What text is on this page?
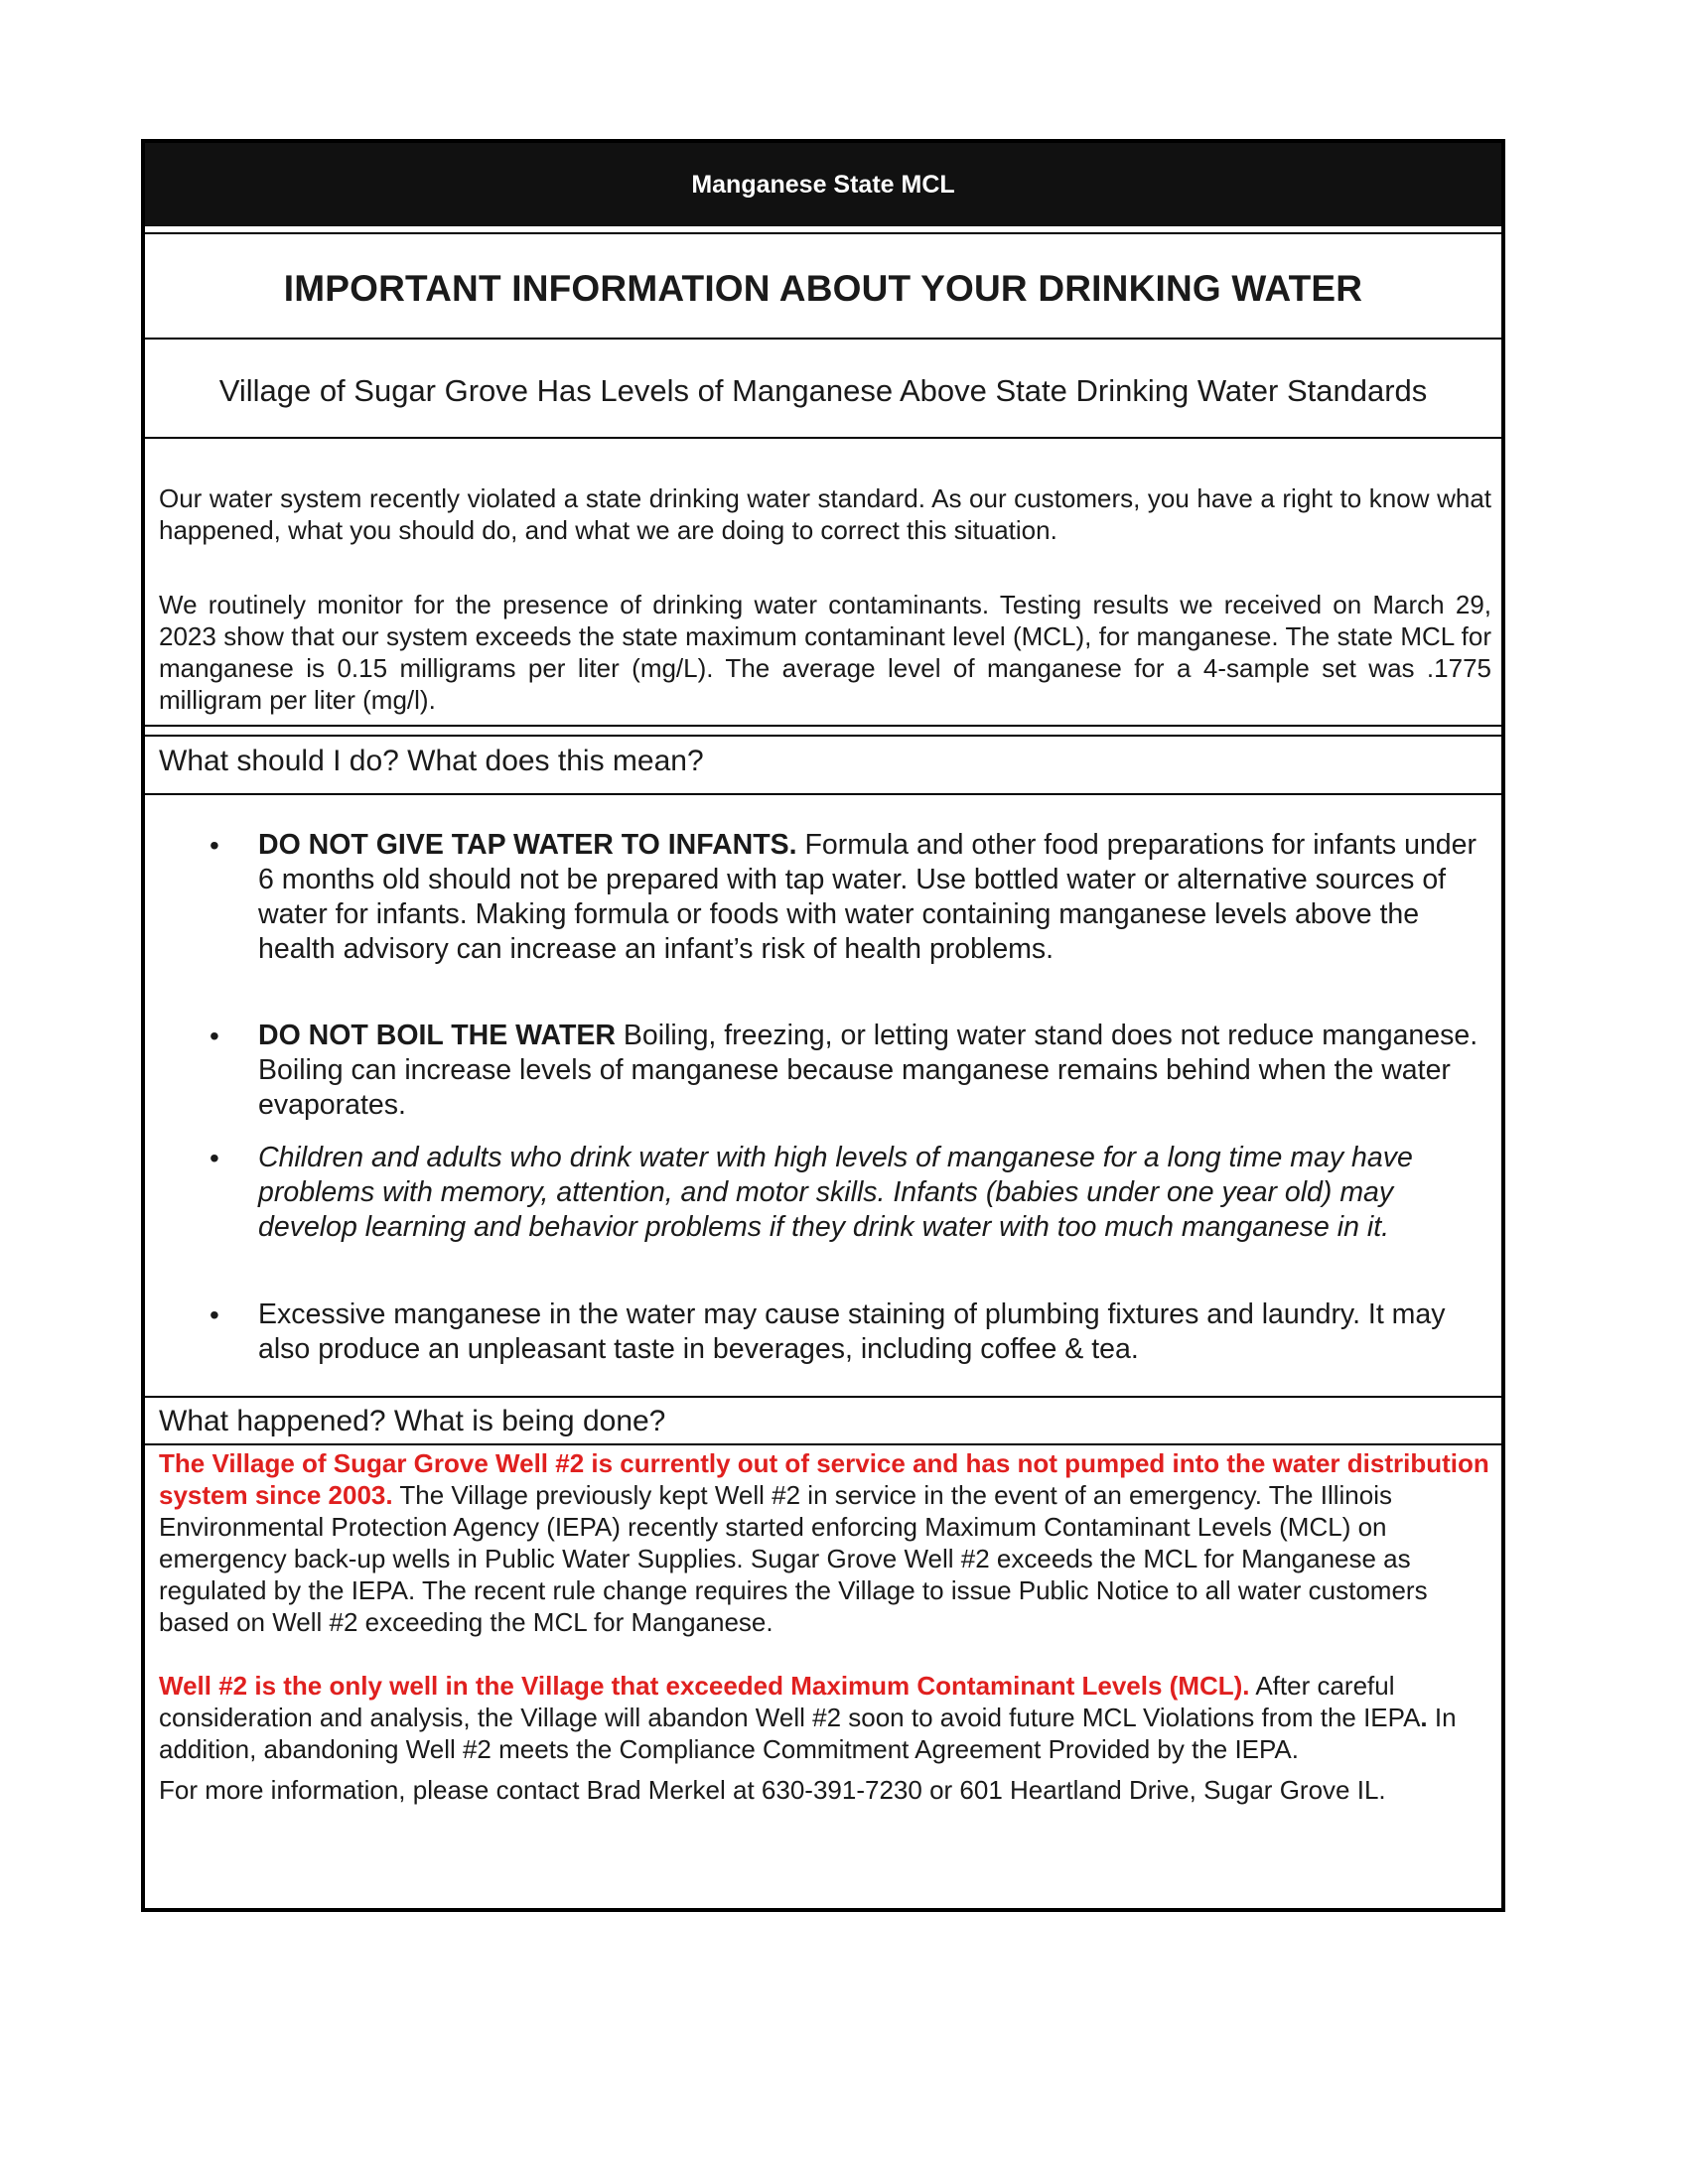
Manganese State MCL
IMPORTANT INFORMATION ABOUT YOUR DRINKING WATER
Village of Sugar Grove Has Levels of Manganese Above State Drinking Water Standards
Our water system recently violated a state drinking water standard. As our customers, you have a right to know what happened, what you should do, and what we are doing to correct this situation.
We routinely monitor for the presence of drinking water contaminants. Testing results we received on March 29, 2023 show that our system exceeds the state maximum contaminant level (MCL), for manganese. The state MCL for manganese is 0.15 milligrams per liter (mg/L). The average level of manganese for a 4-sample set was .1775 milligram per liter (mg/l).
What should I do? What does this mean?
• DO NOT GIVE TAP WATER TO INFANTS. Formula and other food preparations for infants under 6 months old should not be prepared with tap water. Use bottled water or alternative sources of water for infants. Making formula or foods with water containing manganese levels above the health advisory can increase an infant’s risk of health problems.
• DO NOT BOIL THE WATER Boiling, freezing, or letting water stand does not reduce manganese. Boiling can increase levels of manganese because manganese remains behind when the water evaporates.
• Children and adults who drink water with high levels of manganese for a long time may have problems with memory, attention, and motor skills. Infants (babies under one year old) may develop learning and behavior problems if they drink water with too much manganese in it.
• Excessive manganese in the water may cause staining of plumbing fixtures and laundry. It may also produce an unpleasant taste in beverages, including coffee & tea.
What happened? What is being done?
The Village of Sugar Grove Well #2 is currently out of service and has not pumped into the water distribution system since 2003. The Village previously kept Well #2 in service in the event of an emergency. The Illinois Environmental Protection Agency (IEPA) recently started enforcing Maximum Contaminant Levels (MCL) on emergency back-up wells in Public Water Supplies. Sugar Grove Well #2 exceeds the MCL for Manganese as regulated by the IEPA. The recent rule change requires the Village to issue Public Notice to all water customers based on Well #2 exceeding the MCL for Manganese.
Well #2 is the only well in the Village that exceeded Maximum Contaminant Levels (MCL). After careful consideration and analysis, the Village will abandon Well #2 soon to avoid future MCL Violations from the IEPA. In addition, abandoning Well #2 meets the Compliance Commitment Agreement Provided by the IEPA.
For more information, please contact Brad Merkel at 630-391-7230 or 601 Heartland Drive, Sugar Grove IL.
